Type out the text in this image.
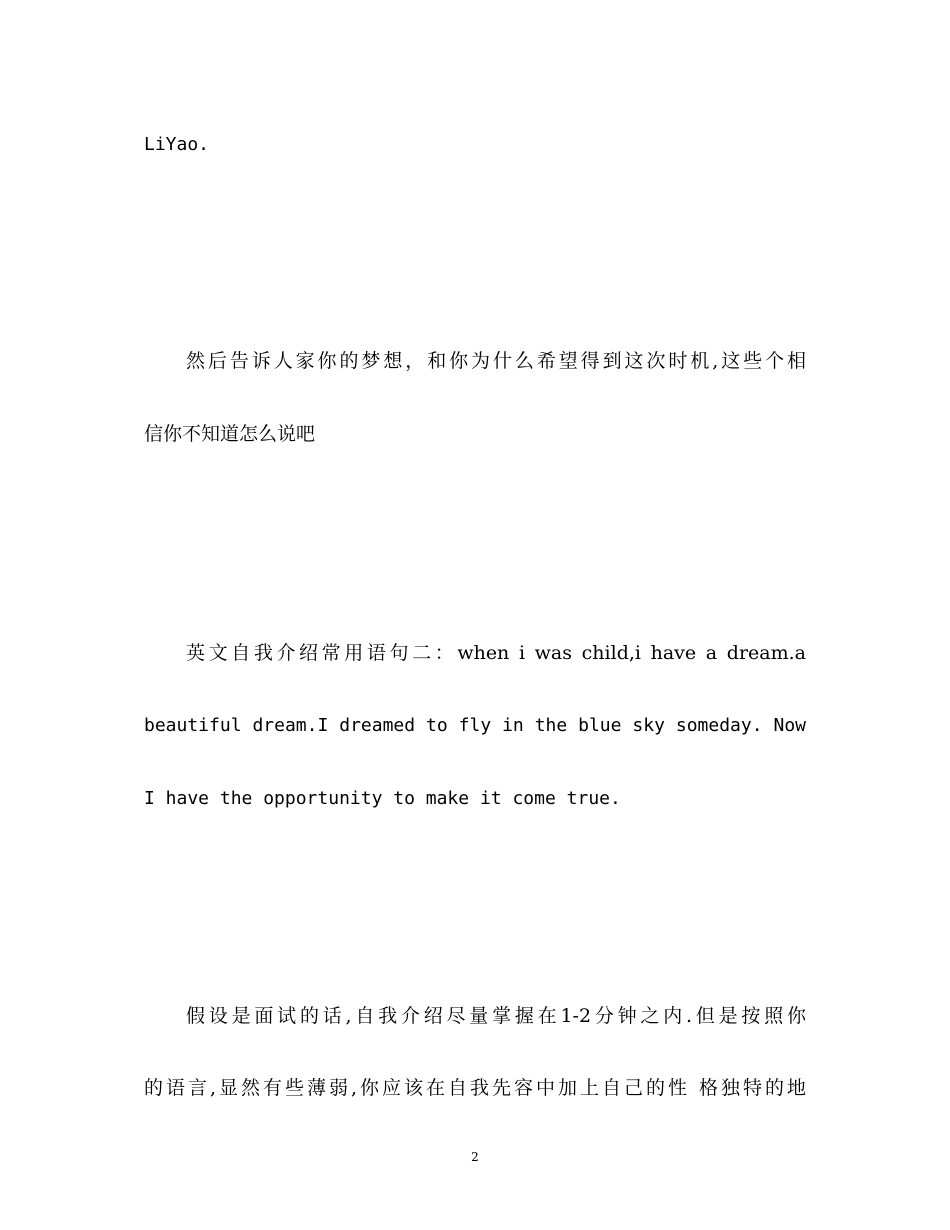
LiYao.
然后告诉人家你的梦想，和你为什么希望得到这次时机,这些个相
信你不知道怎么说吧
英文自我介绍常用语句二：when i was child,i have a dream.a
beautiful dream.I dreamed to fly in the blue sky someday. Now
I have the opportunity to make it come true.
假设是面试的话,自我介绍尽量掌握在1-2分钟之内.但是按照你
的语言,显然有些薄弱,你应该在自我先容中加上自己的性 格独特的地
2
